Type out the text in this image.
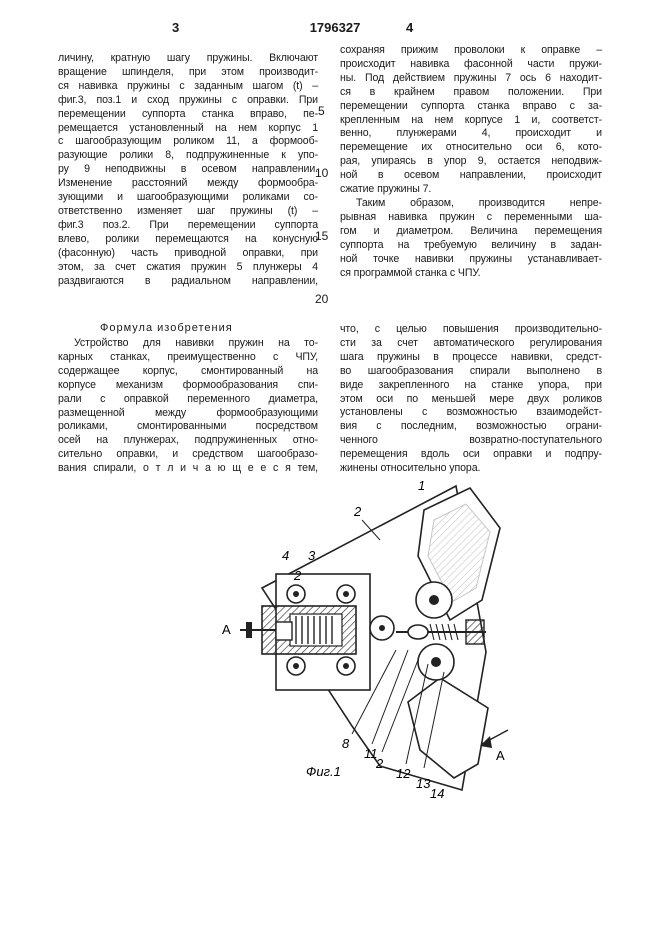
3	1796327	4
5
10
15
20
личину, кратную шагу пружины. Включают
вращение шпинделя, при этом производит-
ся навивка пружины с заданным шагом (t) –
фиг.3, поз.1 и сход пружины с оправки. При
перемещении суппорта станка вправо, пе-
ремещается установленный на нем корпус 1
с шагообразующим роликом 11, а формооб-
разующие ролики 8, подпружиненные к упо-
ру 9 неподвижны в осевом направлении.
Изменение расстояний между формообра-
зующими и шагообразующими роликами со-
ответственно изменяет шаг пружины (t) –
фиг.3 поз.2. При перемещении суппорта
влево, ролики перемещаются на конусную
(фасонную) часть приводной оправки, при
этом, за счет сжатия пружин 5 плунжеры 4
раздвигаются в радиальном направлении,
сохраняя прижим проволоки к оправке –
происходит навивка фасонной части пружи-
ны. Под действием пружины 7 ось 6 находит-
ся в крайнем правом положении. При
перемещении суппорта станка вправо с за-
крепленным на нем корпусе 1 и, соответст-
венно, плунжерами 4, происходит и
перемещение их относительно оси 6, кото-
рая, упираясь в упор 9, остается неподвиж-
ной в осевом направлении, происходит
сжатие пружины 7.
Таким образом, производится непре-
рывная навивка пружин с переменными ша-
гом и диаметром. Величина перемещения
суппорта на требуемую величину в задан-
ной точке навивки пружины устанавливает-
ся программой станка с ЧПУ.
Формула изобретения
Устройство для навивки пружин на то-
карных станках, преимущественно с ЧПУ,
содержащее корпус, смонтированный на
корпусе механизм формообразования спи-
рали с оправкой переменного диаметра,
размещенной между формообразующими
роликами, смонтированными посредством
осей на плунжерах, подпружиненных отно-
сительно оправки, и средством шагообразо-
вания спирали, о т л и ч а ю щ е е с я тем,
что, с целью повышения производительно-
сти за счет автоматического регулирования
шага пружины в процессе навивки, средст-
во шагообразования спирали выполнено в
виде закрепленного на станке упора, при
этом оси по меньшей мере двух роликов
установлены с возможностью взаимодейст-
вия с последним, возможностью ограни-
ченного возвратно-поступательного
перемещения вдоль оси оправки и подпру-
жинены относительно упора.
1
2
4
2
3
8
11
2
12
13
14
А
А
Фиг.1
